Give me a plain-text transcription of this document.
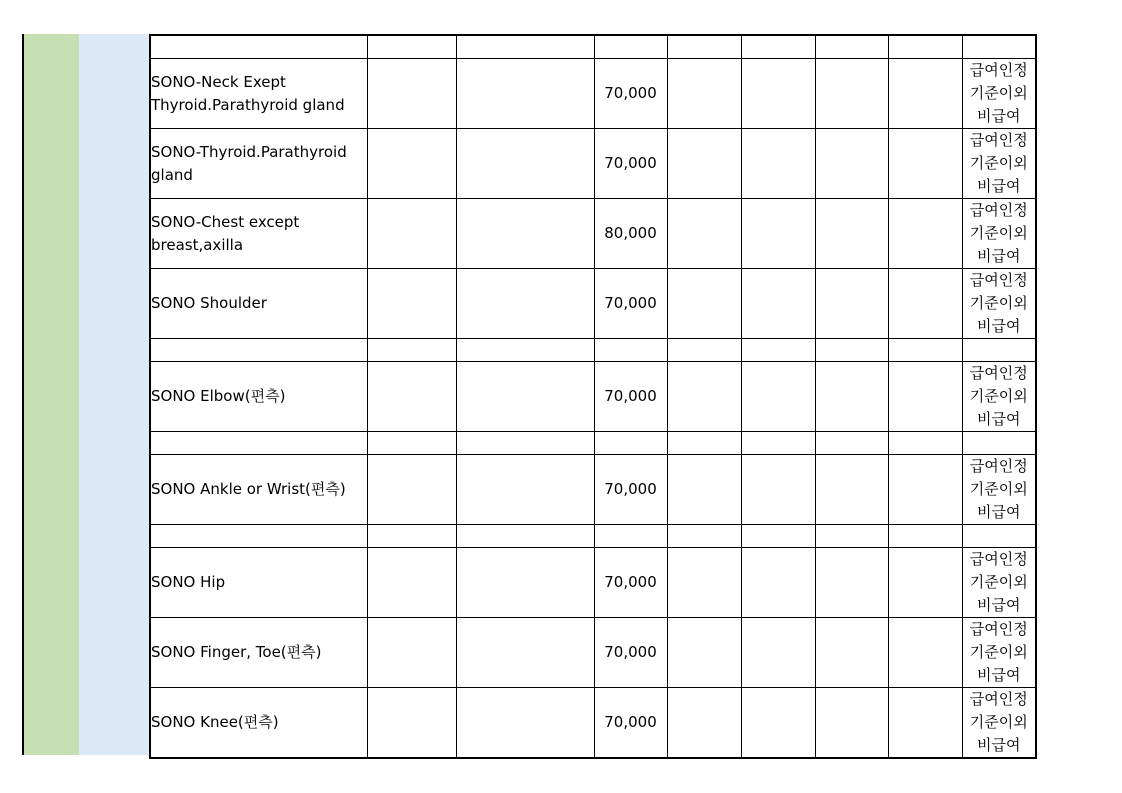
SONO-Neck Exept Thyroid.Parathyroid gland			70,000					급여인정
기준이외
비급여

SONO-Thyroid.Parathyroid gland			70,000					급여인정
기준이외
비급여

SONO-Chest except breast,axilla			80,000					급여인정
기준이외
비급여

SONO Shoulder			70,000					급여인정
기준이외
비급여

SONO Elbow(편측)			70,000					급여인정
기준이외
비급여

SONO Ankle or Wrist(편측)			70,000					급여인정
기준이외
비급여

SONO Hip			70,000					급여인정
기준이외
비급여

SONO Finger, Toe(편측)			70,000					급여인정
기준이외
비급여

SONO Knee(편측)			70,000					급여인정
기준이외
비급여
